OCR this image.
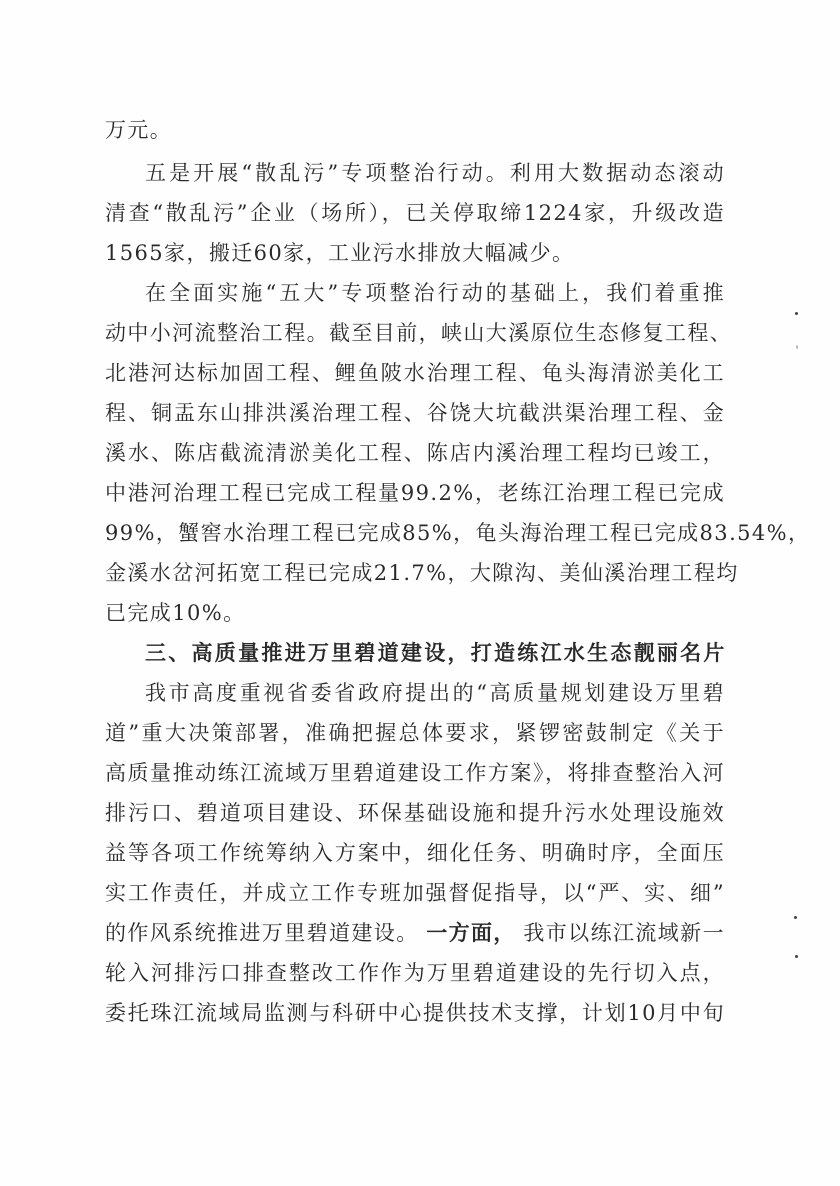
万元。
五是开展“散乱污”专项整治行动。利用大数据动态滚动
清查“散乱污”企业（场所），已关停取缔1224家，升级改造
1565家，搬迁60家，工业污水排放大幅减少。
在全面实施“五大”专项整治行动的基础上，我们着重推
动中小河流整治工程。截至目前，峡山大溪原位生态修复工程、
北港河达标加固工程、鲤鱼陂水治理工程、龟头海清淤美化工
程、铜盂东山排洪溪治理工程、谷饶大坑截洪渠治理工程、金
溪水、陈店截流清淤美化工程、陈店内溪治理工程均已竣工，
中港河治理工程已完成工程量99.2%，老练江治理工程已完成
99%，蟹窖水治理工程已完成85%，龟头海治理工程已完成83.54%，
金溪水岔河拓宽工程已完成21.7%，大隙沟、美仙溪治理工程均
已完成10%。
三、高质量推进万里碧道建设，打造练江水生态靓丽名片
我市高度重视省委省政府提出的“高质量规划建设万里碧
道”重大决策部署，准确把握总体要求，紧锣密鼓制定《关于
高质量推动练江流域万里碧道建设工作方案》，将排查整治入河
排污口、碧道项目建设、环保基础设施和提升污水处理设施效
益等各项工作统筹纳入方案中，细化任务、明确时序，全面压
实工作责任，并成立工作专班加强督促指导，以“严、实、细”
的作风系统推进万里碧道建设。 一方面， 我市以练江流域新一
轮入河排污口排查整改工作作为万里碧道建设的先行切入点，
委托珠江流域局监测与科研中心提供技术支撑，计划10月中旬
